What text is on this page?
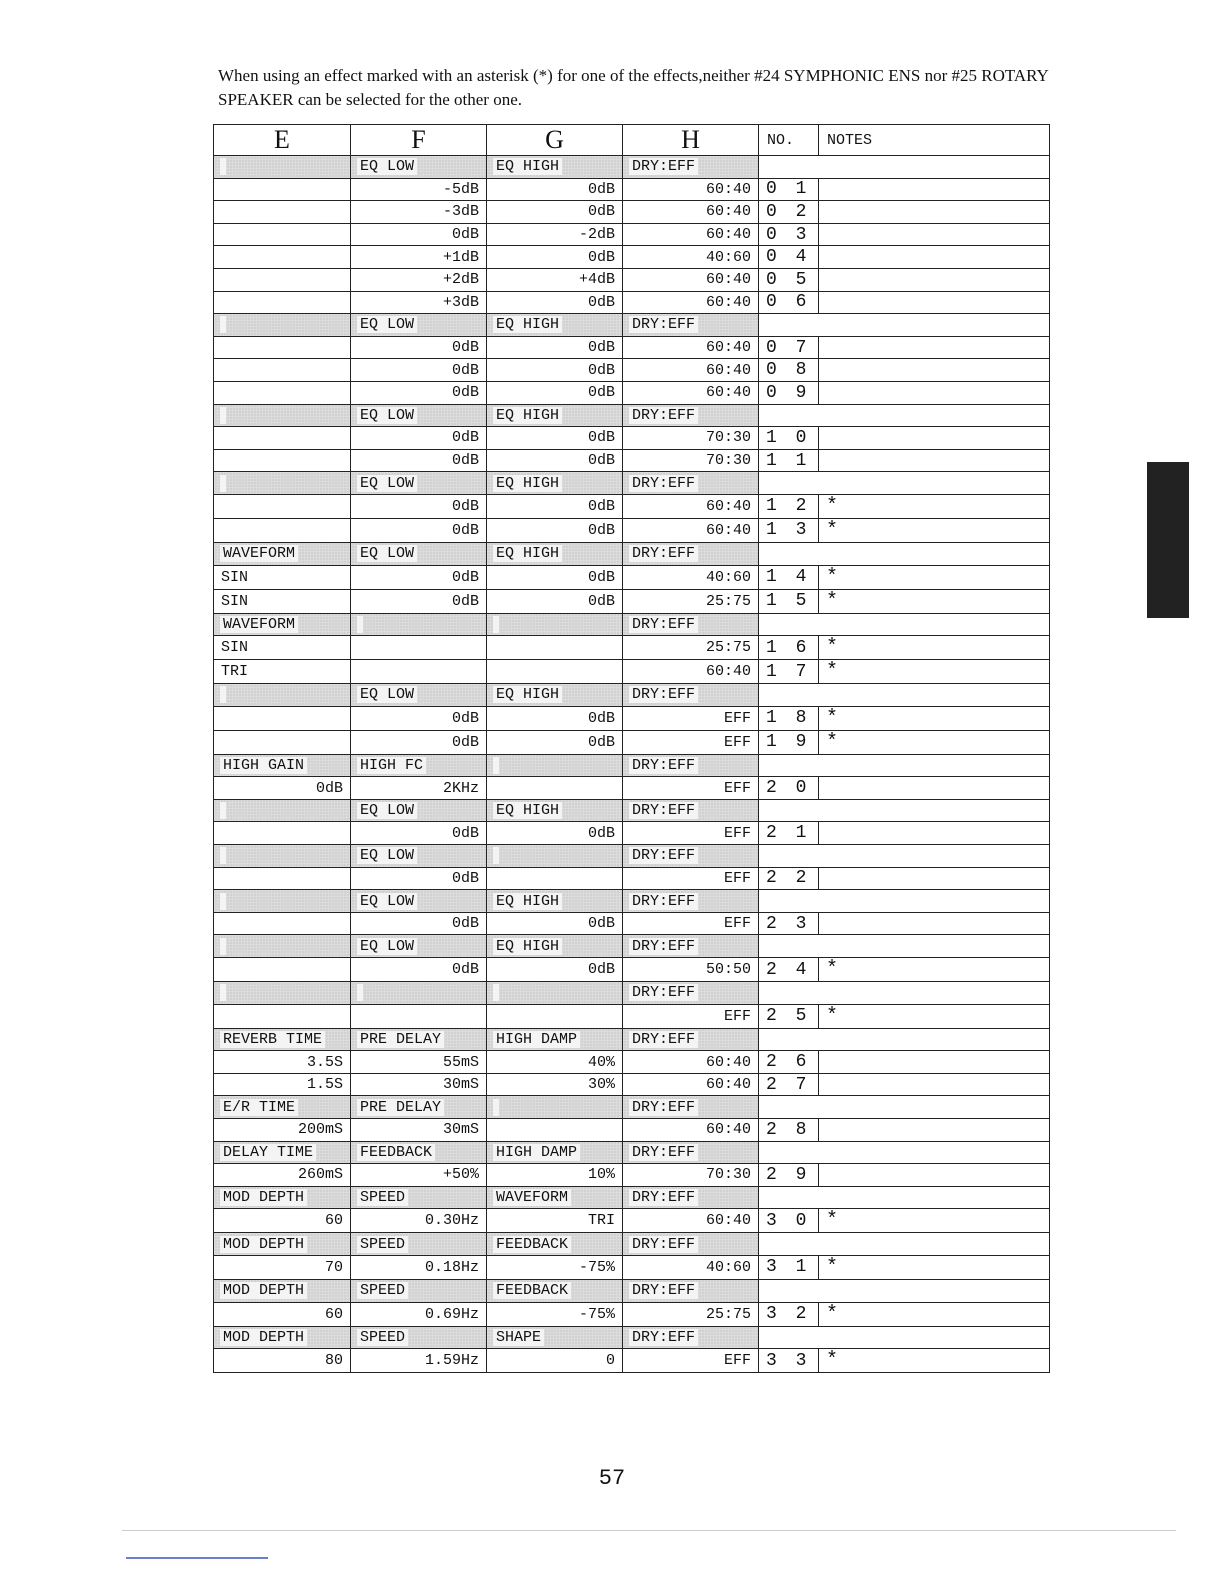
When using an effect marked with an asterisk (*) for one of the effects,neither #24 SYMPHONIC ENS nor #25 ROTARY SPEAKER can be selected for the other one.

E	F	G	H	NO.	NOTES
	EQ LOW	EQ HIGH	DRY:EFF		
	-5dB	0dB	60:40	0 1	
	-3dB	0dB	60:40	0 2	
	0dB	-2dB	60:40	0 3	
	+1dB	0dB	40:60	0 4	
	+2dB	+4dB	60:40	0 5	
	+3dB	0dB	60:40	0 6	
	EQ LOW	EQ HIGH	DRY:EFF		
	0dB	0dB	60:40	0 7	
	0dB	0dB	60:40	0 8	
	0dB	0dB	60:40	0 9	
	EQ LOW	EQ HIGH	DRY:EFF		
	0dB	0dB	70:30	1 0	
	0dB	0dB	70:30	1 1	
	EQ LOW	EQ HIGH	DRY:EFF		
	0dB	0dB	60:40	1 2	*
	0dB	0dB	60:40	1 3	*
WAVEFORM	EQ LOW	EQ HIGH	DRY:EFF		
SIN	0dB	0dB	40:60	1 4	*
SIN	0dB	0dB	25:75	1 5	*
WAVEFORM			DRY:EFF		
SIN			25:75	1 6	*
TRI			60:40	1 7	*
	EQ LOW	EQ HIGH	DRY:EFF		
	0dB	0dB	EFF	1 8	*
	0dB	0dB	EFF	1 9	*
HIGH GAIN	HIGH FC		DRY:EFF		
0dB	2KHz		EFF	2 0	
	EQ LOW	EQ HIGH	DRY:EFF		
	0dB	0dB	EFF	2 1	
	EQ LOW		DRY:EFF		
	0dB		EFF	2 2	
	EQ LOW	EQ HIGH	DRY:EFF		
	0dB	0dB	EFF	2 3	
	EQ LOW	EQ HIGH	DRY:EFF		
	0dB	0dB	50:50	2 4	*
			DRY:EFF		
			EFF	2 5	*
REVERB TIME	PRE DELAY	HIGH DAMP	DRY:EFF		
3.5S	55mS	40%	60:40	2 6	
1.5S	30mS	30%	60:40	2 7	
E/R TIME	PRE DELAY		DRY:EFF		
200mS	30mS		60:40	2 8	
DELAY TIME	FEEDBACK	HIGH DAMP	DRY:EFF		
260mS	+50%	10%	70:30	2 9	
MOD DEPTH	SPEED	WAVEFORM	DRY:EFF		
60	0.30Hz	TRI	60:40	3 0	*
MOD DEPTH	SPEED	FEEDBACK	DRY:EFF		
70	0.18Hz	-75%	40:60	3 1	*
MOD DEPTH	SPEED	FEEDBACK	DRY:EFF		
60	0.69Hz	-75%	25:75	3 2	*
MOD DEPTH	SPEED	SHAPE	DRY:EFF		
80	1.59Hz	0	EFF	3 3	*
57
